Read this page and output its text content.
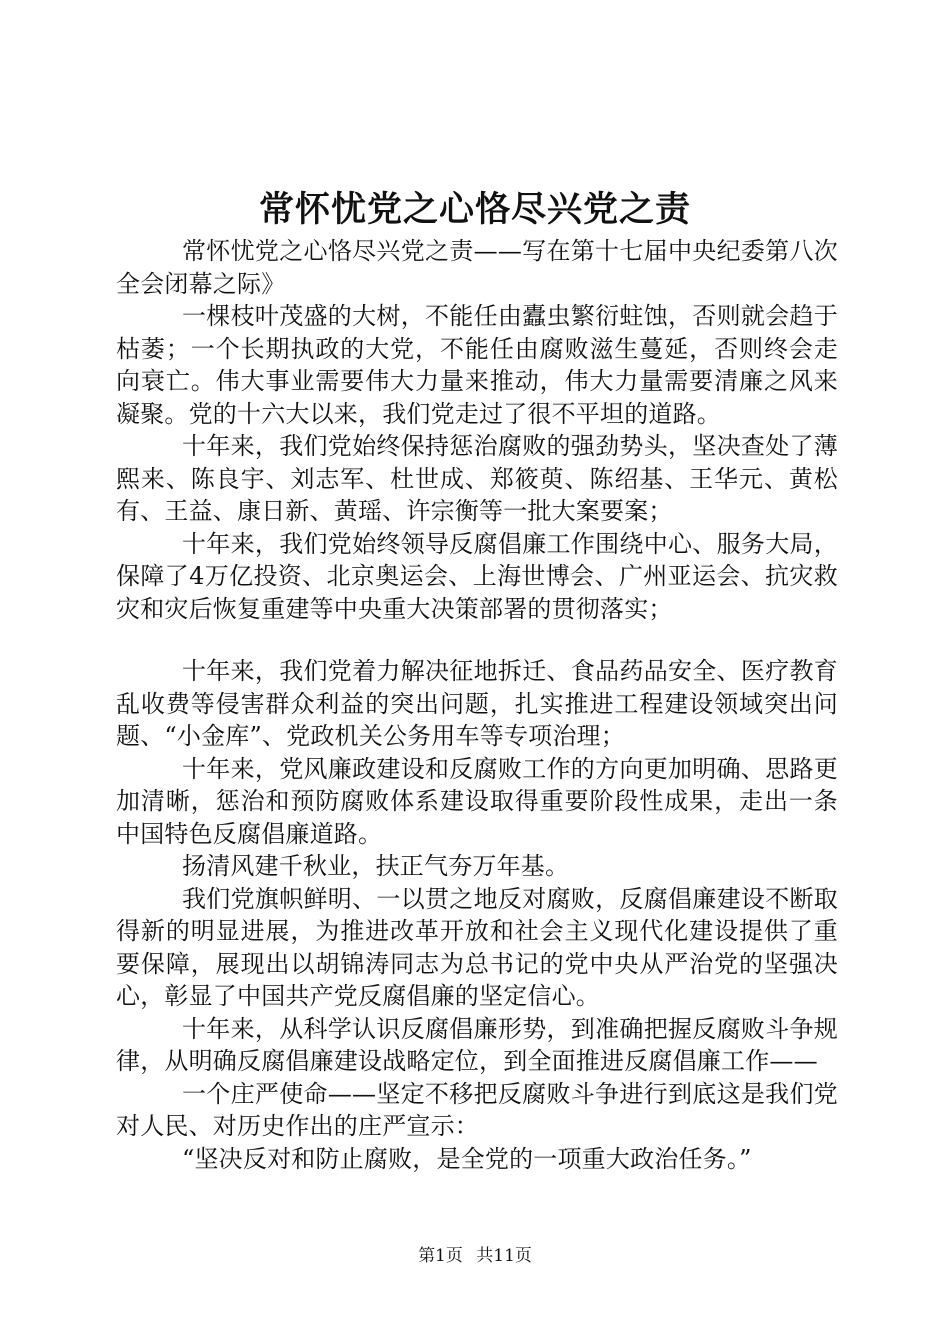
常怀忧党之心恪尽兴党之责

常怀忧党之心恪尽兴党之责——写在第十七届中央纪委第八次全会闭幕之际》

一棵枝叶茂盛的大树，不能任由蠹虫繁衍蛀蚀，否则就会趋于枯萎；一个长期执政的大党，不能任由腐败滋生蔓延，否则终会走向衰亡。伟大事业需要伟大力量来推动，伟大力量需要清廉之风来凝聚。党的十六大以来，我们党走过了很不平坦的道路。

十年来，我们党始终保持惩治腐败的强劲势头，坚决查处了薄熙来、陈良宇、刘志军、杜世成、郑筱萸、陈绍基、王华元、黄松有、王益、康日新、黄瑶、许宗衡等一批大案要案；

十年来，我们党始终领导反腐倡廉工作围绕中心、服务大局，保障了4万亿投资、北京奥运会、上海世博会、广州亚运会、抗灾救灾和灾后恢复重建等中央重大决策部署的贯彻落实；

十年来，我们党着力解决征地拆迁、食品药品安全、医疗教育乱收费等侵害群众利益的突出问题，扎实推进工程建设领域突出问题、“小金库”、党政机关公务用车等专项治理；

十年来，党风廉政建设和反腐败工作的方向更加明确、思路更加清晰，惩治和预防腐败体系建设取得重要阶段性成果，走出一条中国特色反腐倡廉道路。

扬清风建千秋业，扶正气夯万年基。

我们党旗帜鲜明、一以贯之地反对腐败，反腐倡廉建设不断取得新的明显进展，为推进改革开放和社会主义现代化建设提供了重要保障，展现出以胡锦涛同志为总书记的党中央从严治党的坚强决心，彰显了中国共产党反腐倡廉的坚定信心。

十年来，从科学认识反腐倡廉形势，到准确把握反腐败斗争规律，从明确反腐倡廉建设战略定位，到全面推进反腐倡廉工作——

一个庄严使命——坚定不移把反腐败斗争进行到底这是我们党对人民、对历史作出的庄严宣示：

“坚决反对和防止腐败，是全党的一项重大政治任务。”

第1页 共11页
